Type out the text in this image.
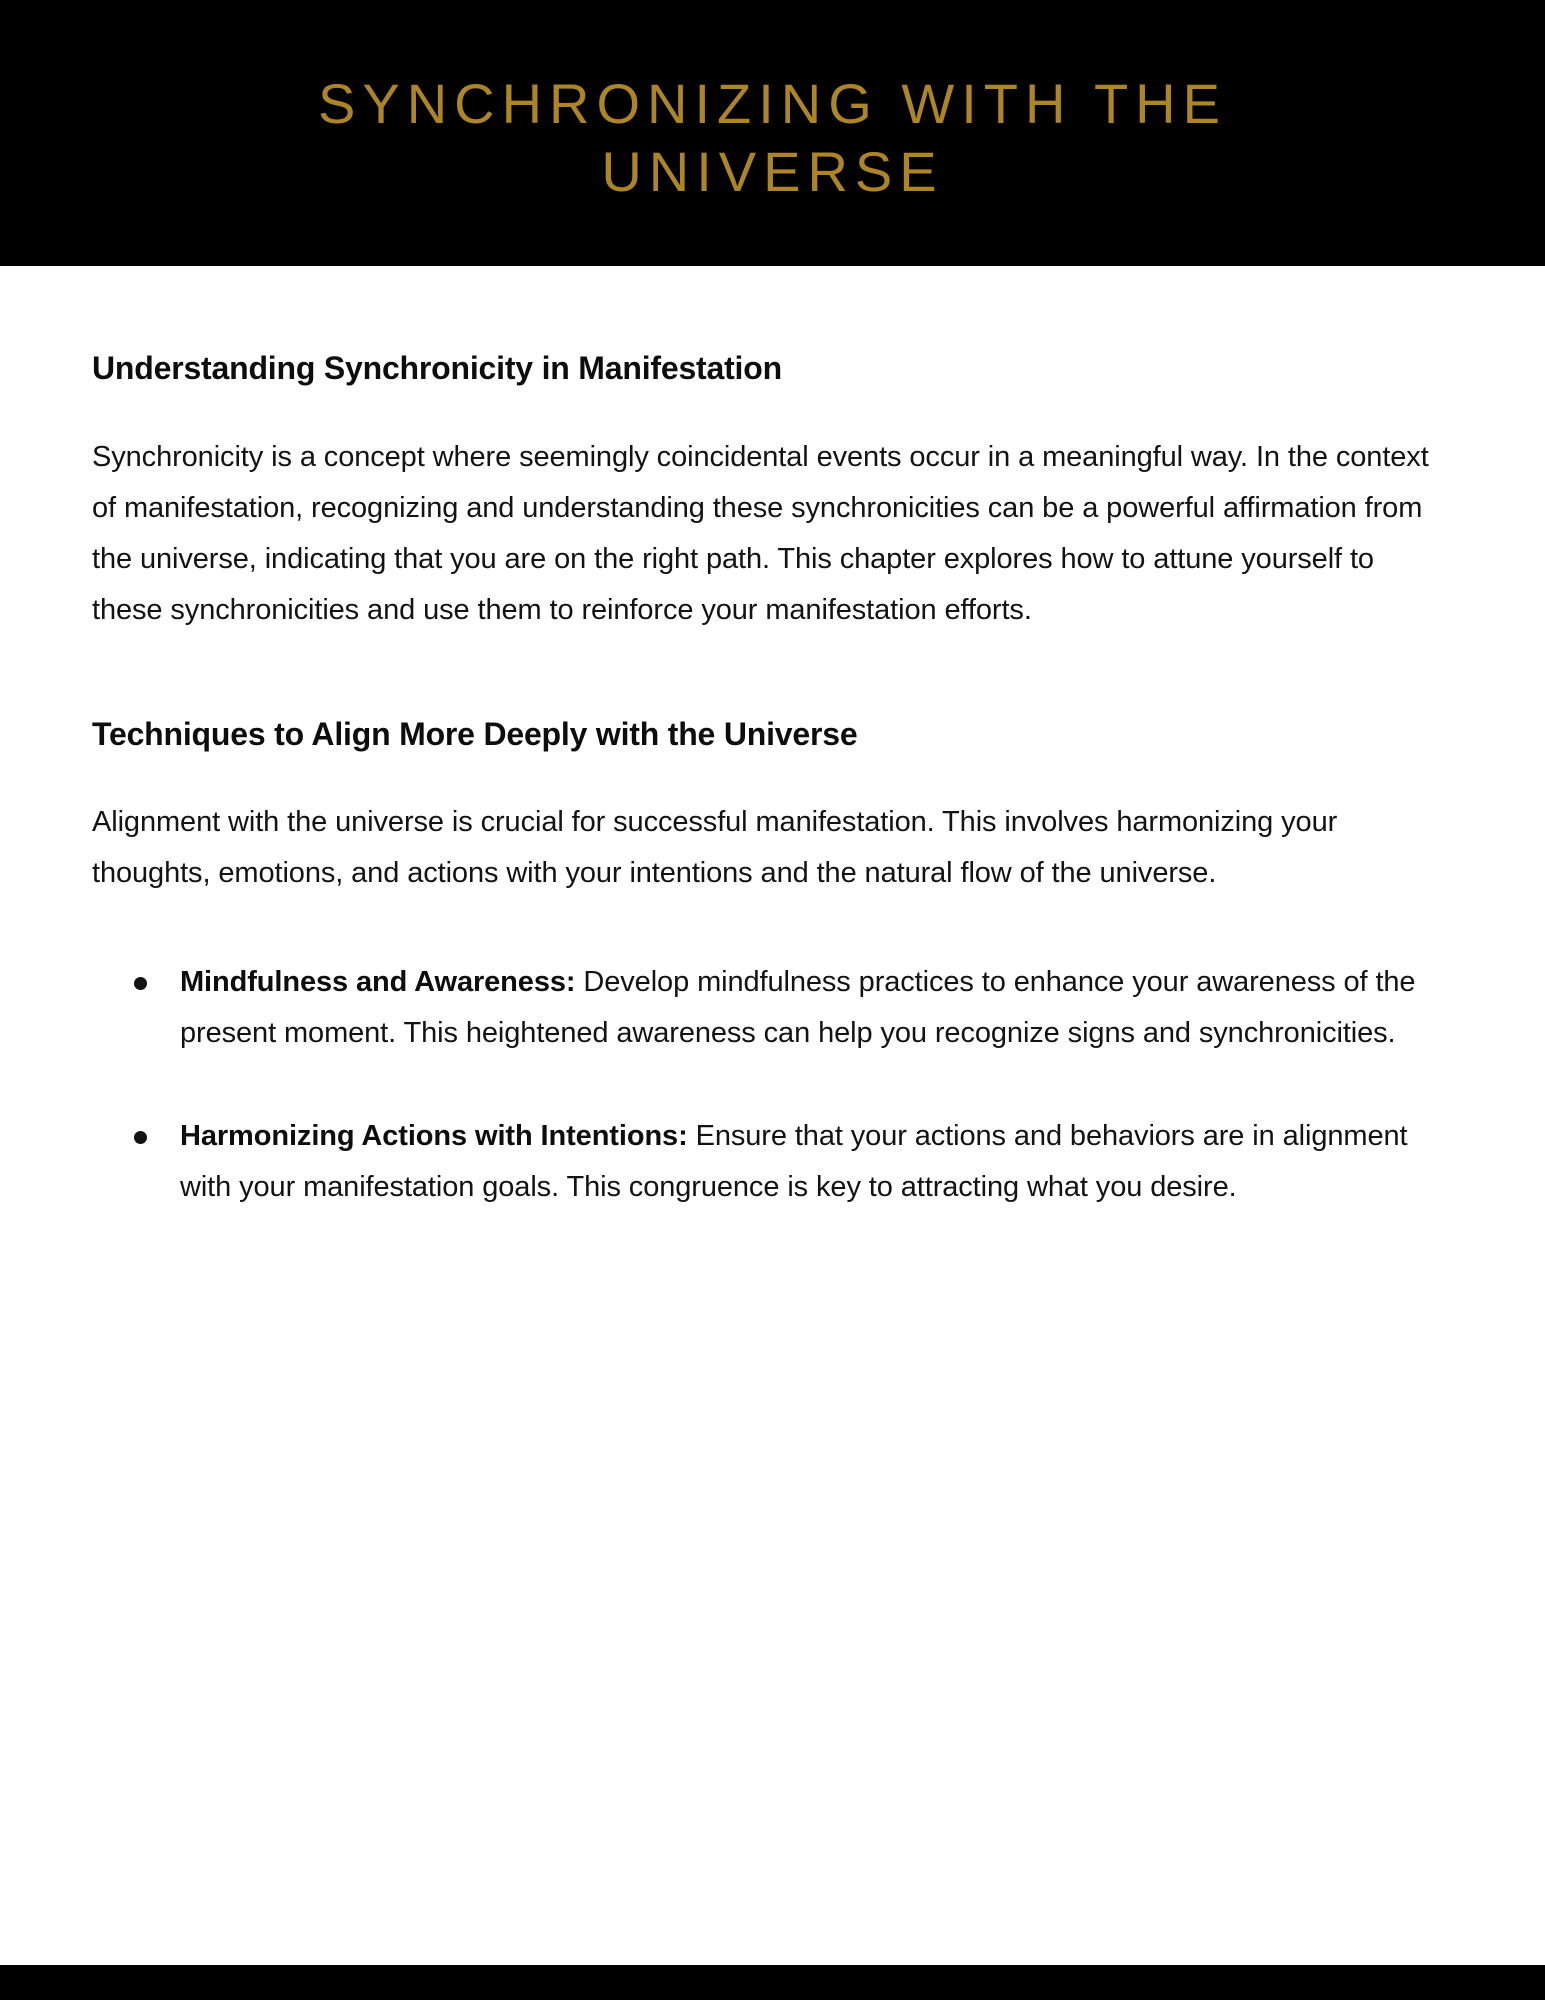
SYNCHRONIZING WITH THE UNIVERSE
Understanding Synchronicity in Manifestation

Synchronicity is a concept where seemingly coincidental events occur in a meaningful way. In the context of manifestation, recognizing and understanding these synchronicities can be a powerful affirmation from the universe, indicating that you are on the right path. This chapter explores how to attune yourself to these synchronicities and use them to reinforce your manifestation efforts.

Techniques to Align More Deeply with the Universe

Alignment with the universe is crucial for successful manifestation. This involves harmonizing your thoughts, emotions, and actions with your intentions and the natural flow of the universe.

Mindfulness and Awareness: Develop mindfulness practices to enhance your awareness of the present moment. This heightened awareness can help you recognize signs and synchronicities.
Harmonizing Actions with Intentions: Ensure that your actions and behaviors are in alignment with your manifestation goals. This congruence is key to attracting what you desire.
